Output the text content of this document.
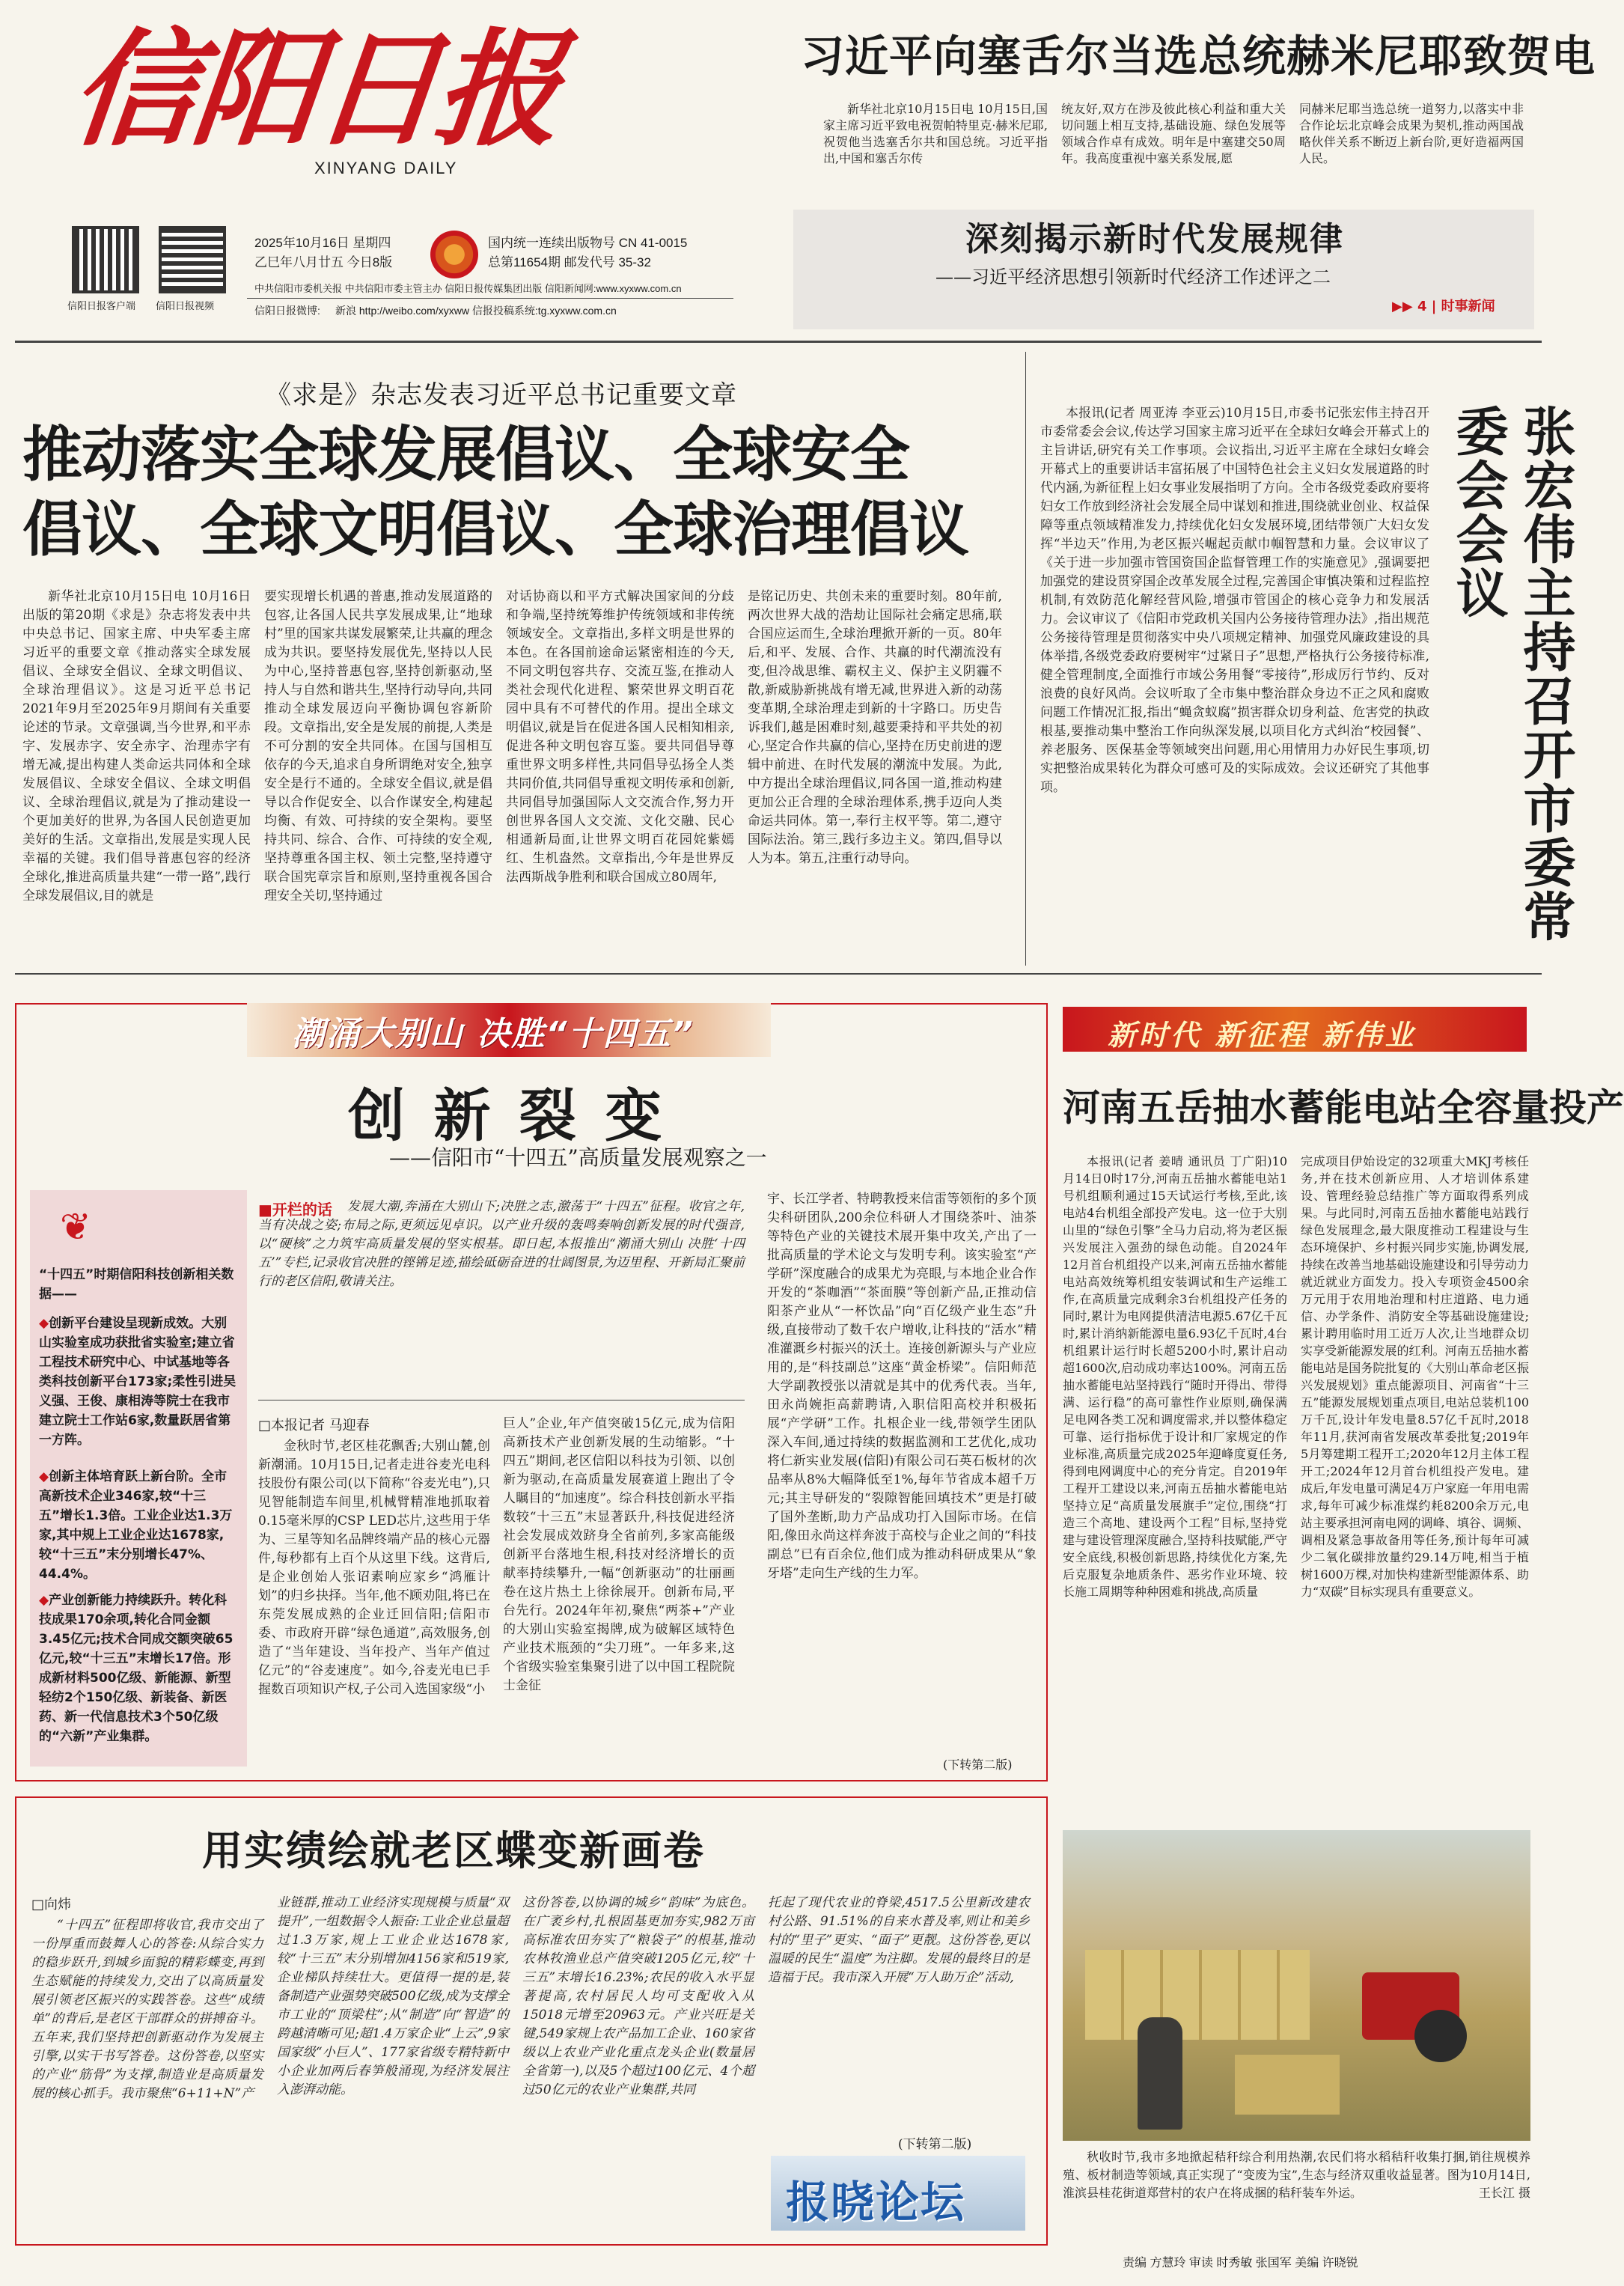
信阳日报
XINYANG DAILY
信阳日报客户端 信阳日报视频
2025年10月16日 星期四
乙巳年八月廿五 今日8版
国内统一连续出版物号 CN 41-0015
总第11654期 邮发代号 35-32
中共信阳市委机关报 中共信阳市委主管主办 信阳日报传媒集团出版 信阳新闻网:www.xyxww.com.cn
信阳日报微博: 新浪 http://weibo.com/xyxww 信报投稿系统:tg.xyxww.com.cn
习近平向塞舌尔当选总统赫米尼耶致贺电
新华社北京10月15日电 10月15日,国家主席习近平致电祝贺帕特里克·赫米尼耶,祝贺他当选塞舌尔共和国总统。习近平指出,中国和塞舌尔传
统友好,双方在涉及彼此核心利益和重大关切问题上相互支持,基础设施、绿色发展等领域合作卓有成效。明年是中塞建交50周年。我高度重视中塞关系发展,愿
同赫米尼耶当选总统一道努力,以落实中非合作论坛北京峰会成果为契机,推动两国战略伙伴关系不断迈上新台阶,更好造福两国人民。
深刻揭示新时代发展规律
——习近平经济思想引领新时代经济工作述评之二
▶▶ 4 | 时事新闻
《求是》杂志发表习近平总书记重要文章
推动落实全球发展倡议、全球安全
倡议、全球文明倡议、全球治理倡议
新华社北京10月15日电 10月16日出版的第20期《求是》杂志将发表中共中央总书记、国家主席、中央军委主席习近平的重要文章《推动落实全球发展倡议、全球安全倡议、全球文明倡议、全球治理倡议》。这是习近平总书记2021年9月至2025年9月期间有关重要论述的节录。文章强调,当今世界,和平赤字、发展赤字、安全赤字、治理赤字有增无减,提出构建人类命运共同体和全球发展倡议、全球安全倡议、全球文明倡议、全球治理倡议,就是为了推动建设一个更加美好的世界,为各国人民创造更加美好的生活。文章指出,发展是实现人民幸福的关键。我们倡导普惠包容的经济全球化,推进高质量共建“一带一路”,践行全球发展倡议,目的就是
要实现增长机遇的普惠,推动发展道路的包容,让各国人民共享发展成果,让“地球村”里的国家共谋发展繁荣,让共赢的理念成为共识。要坚持发展优先,坚持以人民为中心,坚持普惠包容,坚持创新驱动,坚持人与自然和谐共生,坚持行动导向,共同推动全球发展迈向平衡协调包容新阶段。文章指出,安全是发展的前提,人类是不可分割的安全共同体。在国与国相互依存的今天,追求自身所谓绝对安全,独享安全是行不通的。全球安全倡议,就是倡导以合作促安全、以合作谋安全,构建起均衡、有效、可持续的安全架构。要坚持共同、综合、合作、可持续的安全观,坚持尊重各国主权、领土完整,坚持遵守联合国宪章宗旨和原则,坚持重视各国合理安全关切,坚持通过
对话协商以和平方式解决国家间的分歧和争端,坚持统筹维护传统领域和非传统领域安全。文章指出,多样文明是世界的本色。在各国前途命运紧密相连的今天,不同文明包容共存、交流互鉴,在推动人类社会现代化进程、繁荣世界文明百花园中具有不可替代的作用。提出全球文明倡议,就是旨在促进各国人民相知相亲,促进各种文明包容互鉴。要共同倡导尊重世界文明多样性,共同倡导弘扬全人类共同价值,共同倡导重视文明传承和创新,共同倡导加强国际人文交流合作,努力开创世界各国人文交流、文化交融、民心相通新局面,让世界文明百花园姹紫嫣红、生机盎然。文章指出,今年是世界反法西斯战争胜利和联合国成立80周年,
是铭记历史、共创未来的重要时刻。80年前,两次世界大战的浩劫让国际社会痛定思痛,联合国应运而生,全球治理掀开新的一页。80年后,和平、发展、合作、共赢的时代潮流没有变,但冷战思维、霸权主义、保护主义阴霾不散,新威胁新挑战有增无减,世界进入新的动荡变革期,全球治理走到新的十字路口。历史告诉我们,越是困难时刻,越要秉持和平共处的初心,坚定合作共赢的信心,坚持在历史前进的逻辑中前进、在时代发展的潮流中发展。为此,中方提出全球治理倡议,同各国一道,推动构建更加公正合理的全球治理体系,携手迈向人类命运共同体。第一,奉行主权平等。第二,遵守国际法治。第三,践行多边主义。第四,倡导以人为本。第五,注重行动导向。
本报讯(记者 周亚涛 李亚云)10月15日,市委书记张宏伟主持召开市委常委会会议,传达学习国家主席习近平在全球妇女峰会开幕式上的主旨讲话,研究有关工作事项。会议指出,习近平主席在全球妇女峰会开幕式上的重要讲话丰富拓展了中国特色社会主义妇女发展道路的时代内涵,为新征程上妇女事业发展指明了方向。全市各级党委政府要将妇女工作放到经济社会发展全局中谋划和推进,围绕就业创业、权益保障等重点领域精准发力,持续优化妇女发展环境,团结带领广大妇女发挥“半边天”作用,为老区振兴崛起贡献巾帼智慧和力量。会议审议了《关于进一步加强市管国资国企监督管理工作的实施意见》,强调要把加强党的建设贯穿国企改革发展全过程,完善国企审慎决策和过程监控机制,有效防范化解经营风险,增强市管国企的核心竞争力和发展活力。会议审议了《信阳市党政机关国内公务接待管理办法》,指出规范公务接待管理是贯彻落实中央八项规定精神、加强党风廉政建设的具体举措,各级党委政府要树牢“过紧日子”思想,严格执行公务接待标准,健全管理制度,全面推行市域公务用餐“零接待”,形成厉行节约、反对浪费的良好风尚。会议听取了全市集中整治群众身边不正之风和腐败问题工作情况汇报,指出“蝇贪蚁腐”损害群众切身利益、危害党的执政根基,要推动集中整治工作向纵深发展,以项目化方式纠治“校园餐”、养老服务、医保基金等领域突出问题,用心用情用力办好民生事项,切实把整治成果转化为群众可感可及的实际成效。会议还研究了其他事项。	张宏伟主持召开市委常委会会议
潮涌大别山 决胜“十四五”
创 新 裂 变
——信阳市“十四五”高质量发展观察之一
❦
“十四五”时期信阳科技创新相关数据——
◆创新平台建设呈现新成效。大别山实验室成功获批省实验室;建立省工程技术研究中心、中试基地等各类科技创新平台173家;柔性引进吴义强、王俊、康相涛等院士在我市建立院士工作站6家,数量跃居省第一方阵。
◆创新主体培育跃上新台阶。全市高新技术企业346家,较“十三五”增长1.3倍。工业企业达1.3万家,其中规上工业企业达1678家,较“十三五”末分别增长47%、44.4%。
◆产业创新能力持续跃升。转化科技成果170余项,转化合同金额3.45亿元;技术合同成交额突破65亿元,较“十三五”末增长17倍。形成新材料500亿级、新能源、新型轻纺2个150亿级、新装备、新医药、新一代信息技术3个50亿级的“六新”产业集群。
■开栏的话	发展大潮,奔涌在大别山下;决胜之志,激荡于“十四五”征程。收官之年,当有决战之姿;布局之际,更须远见卓识。以产业升级的轰鸣奏响创新发展的时代强音,以“硬核”之力筑牢高质量发展的坚实根基。即日起,本报推出“潮涌大别山 决胜‘十四五’”专栏,记录收官决胜的铿锵足迹,描绘砥砺奋进的壮阔图景,为迈里程、开新局汇聚前行的老区信阳,敬请关注。
□本报记者 马迎春
金秋时节,老区桂花飘香;大别山麓,创新潮涌。10月15日,记者走进谷麦光电科技股份有限公司(以下简称“谷麦光电”),只见智能制造车间里,机械臂精准地抓取着0.15毫米厚的CSP LED芯片,这些用于华为、三星等知名品牌终端产品的核心元器件,每秒都有上百个从这里下线。这背后,是企业创始人张诏素响应家乡“鸿雁计划”的归乡抉择。当年,他不顾劝阻,将已在东莞发展成熟的企业迁回信阳;信阳市委、市政府开辟“绿色通道”,高效服务,创造了“当年建设、当年投产、当年产值过亿元”的“谷麦速度”。如今,谷麦光电已手握数百项知识产权,子公司入选国家级“小
巨人”企业,年产值突破15亿元,成为信阳高新技术产业创新发展的生动缩影。“十四五”期间,老区信阳以科技为引领、以创新为驱动,在高质量发展赛道上跑出了令人瞩目的“加速度”。综合科技创新水平指数较“十三五”末显著跃升,科技促进经济社会发展成效跻身全省前列,多家高能级创新平台落地生根,科技对经济增长的贡献率持续攀升,一幅“创新驱动”的壮丽画卷在这片热土上徐徐展开。创新布局,平台先行。2024年年初,聚焦“两茶+”产业的大别山实验室揭牌,成为破解区域特色产业技术瓶颈的“尖刀班”。一年多来,这个省级实验室集聚引进了以中国工程院院士金征
宇、长江学者、特聘教授来信雷等领衔的多个顶尖科研团队,200余位科研人才围绕茶叶、油茶等特色产业的关键技术展开集中攻关,产出了一批高质量的学术论文与发明专利。该实验室“产学研”深度融合的成果尤为亮眼,与本地企业合作开发的“茶咖酒”“茶面膜”等创新产品,正推动信阳茶产业从“一杯饮品”向“百亿级产业生态”升级,直接带动了数千农户增收,让科技的“活水”精准灌溉乡村振兴的沃土。连接创新源头与产业应用的,是“科技副总”这座“黄金桥梁”。信阳师范大学副教授张以清就是其中的优秀代表。当年,田永尚婉拒高薪聘请,入职信阳高校并积极拓展“产学研”工作。扎根企业一线,带领学生团队深入车间,通过持续的数据监测和工艺优化,成功将仁新实业发展(信阳)有限公司石英石板材的次品率从8%大幅降低至1%,每年节省成本超千万元;其主导研发的“裂隙智能回填技术”更是打破了国外垄断,助力产品成功打入国际市场。在信阳,像田永尚这样奔波于高校与企业之间的“科技副总”已有百余位,他们成为推动科研成果从“象牙塔”走向生产线的生力军。
(下转第二版)
新时代 新征程 新伟业
河南五岳抽水蓄能电站全容量投产
本报讯(记者 姜晴 通讯员 丁广阳)10月14日0时17分,河南五岳抽水蓄能电站1号机组顺利通过15天试运行考核,至此,该电站4台机组全部投产发电。这一位于大别山里的“绿色引擎”全马力启动,将为老区振兴发展注入强劲的绿色动能。自2024年12月首台机组投产以来,河南五岳抽水蓄能电站高效统筹机组安装调试和生产运维工作,在高质量完成剩余3台机组投产任务的同时,累计为电网提供清洁电源5.67亿千瓦时,累计消纳新能源电量6.93亿千瓦时,4台机组累计运行时长超5200小时,累计启动超1600次,启动成功率达100%。河南五岳抽水蓄能电站坚持践行“随时开得出、带得满、运行稳”的高可靠性作业原则,确保满足电网各类工况和调度需求,并以整体稳定可靠、运行指标优于设计和厂家规定的作业标准,高质量完成2025年迎峰度夏任务,得到电网调度中心的充分肯定。自2019年工程开工建设以来,河南五岳抽水蓄能电站坚持立足“高质量发展旗手”定位,围绕“打造三个高地、建设两个工程”目标,坚持党建与建设管理深度融合,坚持科技赋能,严守安全底线,积极创新思路,持续优化方案,先后克服复杂地质条件、恶劣作业环境、较长施工周期等种种困难和挑战,高质量
完成项目伊始设定的32项重大MKJ考核任务,并在技术创新应用、人才培训体系建设、管理经验总结推广等方面取得系列成果。与此同时,河南五岳抽水蓄能电站践行绿色发展理念,最大限度推动工程建设与生态环境保护、乡村振兴同步实施,协调发展,持续在改善当地基础设施建设和引导劳动力就近就业方面发力。投入专项资金4500余万元用于农用地治理和村庄道路、电力通信、办学条件、消防安全等基础设施建设;累计聘用临时用工近万人次,让当地群众切实享受新能源发展的红利。河南五岳抽水蓄能电站是国务院批复的《大别山革命老区振兴发展规划》重点能源项目、河南省“十三五”能源发展规划重点项目,电站总装机100万千瓦,设计年发电量8.57亿千瓦时,2018年11月,获河南省发展改革委批复;2019年5月筹建期工程开工;2020年12月主体工程开工;2024年12月首台机组投产发电。建成后,年发电量可满足4万户家庭一年用电需求,每年可减少标准煤约耗8200余万元,电站主要承担河南电网的调峰、填谷、调频、调相及紧急事故备用等任务,预计每年可减少二氧化碳排放量约29.14万吨,相当于植树1600万棵,对加快构建新型能源体系、助力“双碳”目标实现具有重要意义。
用实绩绘就老区蝶变新画卷
□向炜
“十四五”征程即将收官,我市交出了一份厚重而鼓舞人心的答卷:从综合实力的稳步跃升,到城乡面貌的精彩蝶变,再到生态赋能的持续发力,交出了以高质量发展引领老区振兴的实践答卷。这些“成绩单”的背后,是老区干部群众的拼搏奋斗。五年来,我们坚持把创新驱动作为发展主引擎,以实干书写答卷。这份答卷,以坚实的产业“筋骨”为支撑,制造业是高质量发展的核心抓手。我市聚焦“6+11+N”产
业链群,推动工业经济实现规模与质量“双提升”,一组数据令人振奋:工业企业总量超过1.3万家,规上工业企业达1678家,较“十三五”末分别增加4156家和519家,企业梯队持续壮大。更值得一提的是,装备制造产业强势突破500亿级,成为支撑全市工业的“顶梁柱”;从“制造”向“智造”的跨越清晰可见;超1.4万家企业“上云”,9家国家级“小巨人”、177家省级专精特新中小企业加两后春笋般涌现,为经济发展注入澎湃动能。
这份答卷,以协调的城乡“韵味”为底色。在广袤乡村,扎根固基更加夯实,982万亩高标准农田夯实了“粮袋子”的根基,推动农林牧渔业总产值突破1205亿元,较“十三五”末增长16.23%;农民的收入水平显著提高,农村居民人均可支配收入从15018元增至20963元。产业兴旺是关键,549家规上农产品加工企业、160家省级以上农业产业化重点龙头企业(数量居全省第一),以及5个超过100亿元、4个超过50亿元的农业产业集群,共同
托起了现代农业的脊梁,4517.5公里新改建农村公路、91.51%的自来水普及率,则让和美乡村的“里子”更实、“面子”更靓。这份答卷,更以温暖的民生“温度”为注脚。发展的最终目的是造福于民。我市深入开展“万人助万企”活动,
(下转第二版)
报晓论坛
秋收时节,我市多地掀起秸秆综合利用热潮,农民们将水稻秸秆收集打捆,销往规模养殖、板材制造等领域,真正实现了“变废为宝”,生态与经济双重收益显著。图为10月14日,淮滨县桂花街道郑营村的农户在将成捆的秸秆装车外运。	王长江 摄
责编 方慧玲 审读 时秀敏 张国军 美编 许晓锐
